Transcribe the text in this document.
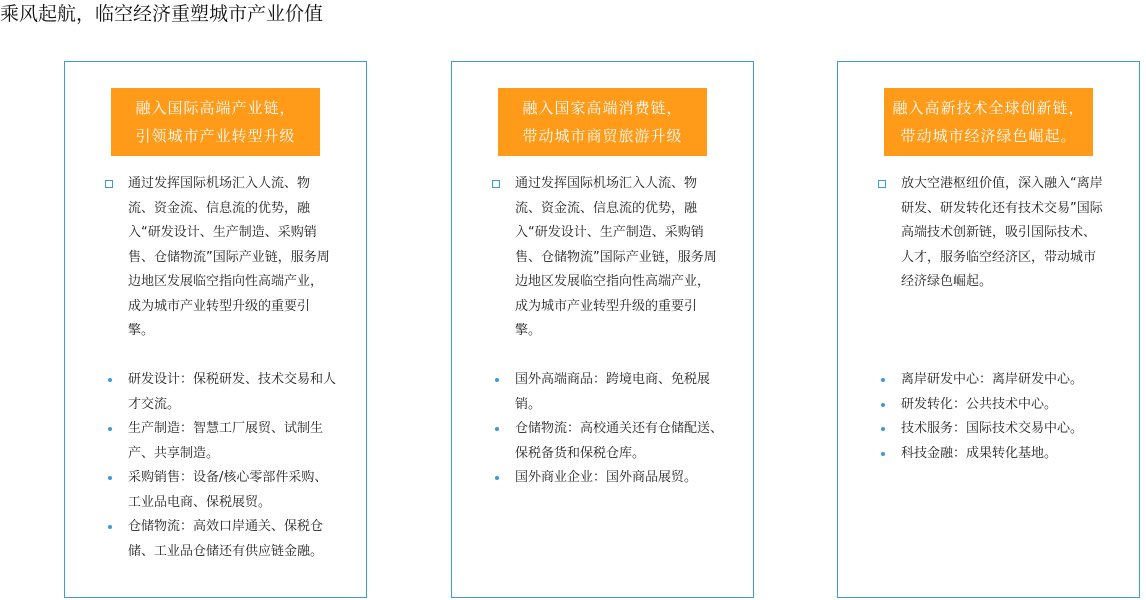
乘风起航，临空经济重塑城市产业价值
融入国际高端产业链，
引领城市产业转型升级
通过发挥国际机场汇入人流、物流、资金流、信息流的优势，融入“研发设计、生产制造、采购销售、仓储物流”国际产业链，服务周边地区发展临空指向性高端产业，成为城市产业转型升级的重要引擎。
研发设计：保税研发、技术交易和人才交流。
生产制造：智慧工厂展贸、试制生产、共享制造。
采购销售：设备/核心零部件采购、工业品电商、保税展贸。
仓储物流：高效口岸通关、保税仓储、工业品仓储还有供应链金融。
融入国家高端消费链，
带动城市商贸旅游升级
通过发挥国际机场汇入人流、物流、资金流、信息流的优势，融入“研发设计、生产制造、采购销售、仓储物流”国际产业链，服务周边地区发展临空指向性高端产业，成为城市产业转型升级的重要引擎。
国外高端商品：跨境电商、免税展销。
仓储物流：高校通关还有仓储配送、保税备货和保税仓库。
国外商业企业：国外商品展贸。
融入高新技术全球创新链，
带动城市经济绿色崛起。
放大空港枢纽价值，深入融入“离岸研发、研发转化还有技术交易”国际高端技术创新链，吸引国际技术、人才，服务临空经济区，带动城市经济绿色崛起。
离岸研发中心：离岸研发中心。
研发转化：公共技术中心。
技术服务：国际技术交易中心。
科技金融：成果转化基地。
